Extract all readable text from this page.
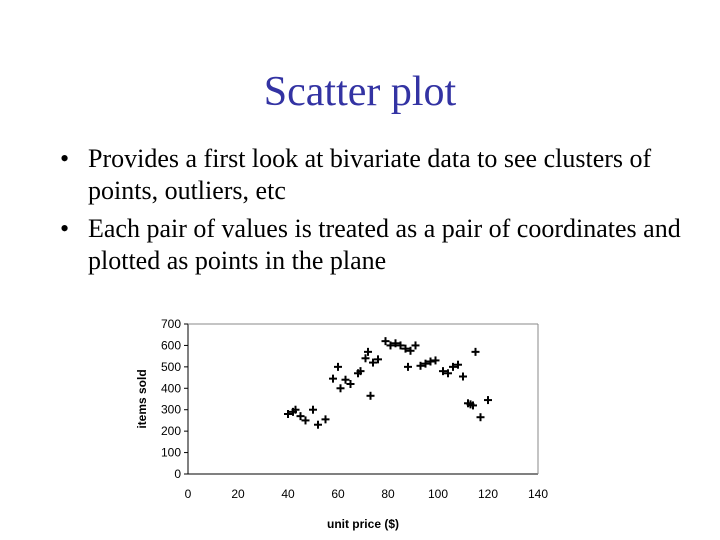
Scatter plot
• Provides a first look at bivariate data to see clusters of points, outliers, etc
• Each pair of values is treated as a pair of coordinates and plotted as points in the plane
0
100
200
300
400
500
600
700
0	20	40	60	80	100 120 140
unit price ($)
items sold
